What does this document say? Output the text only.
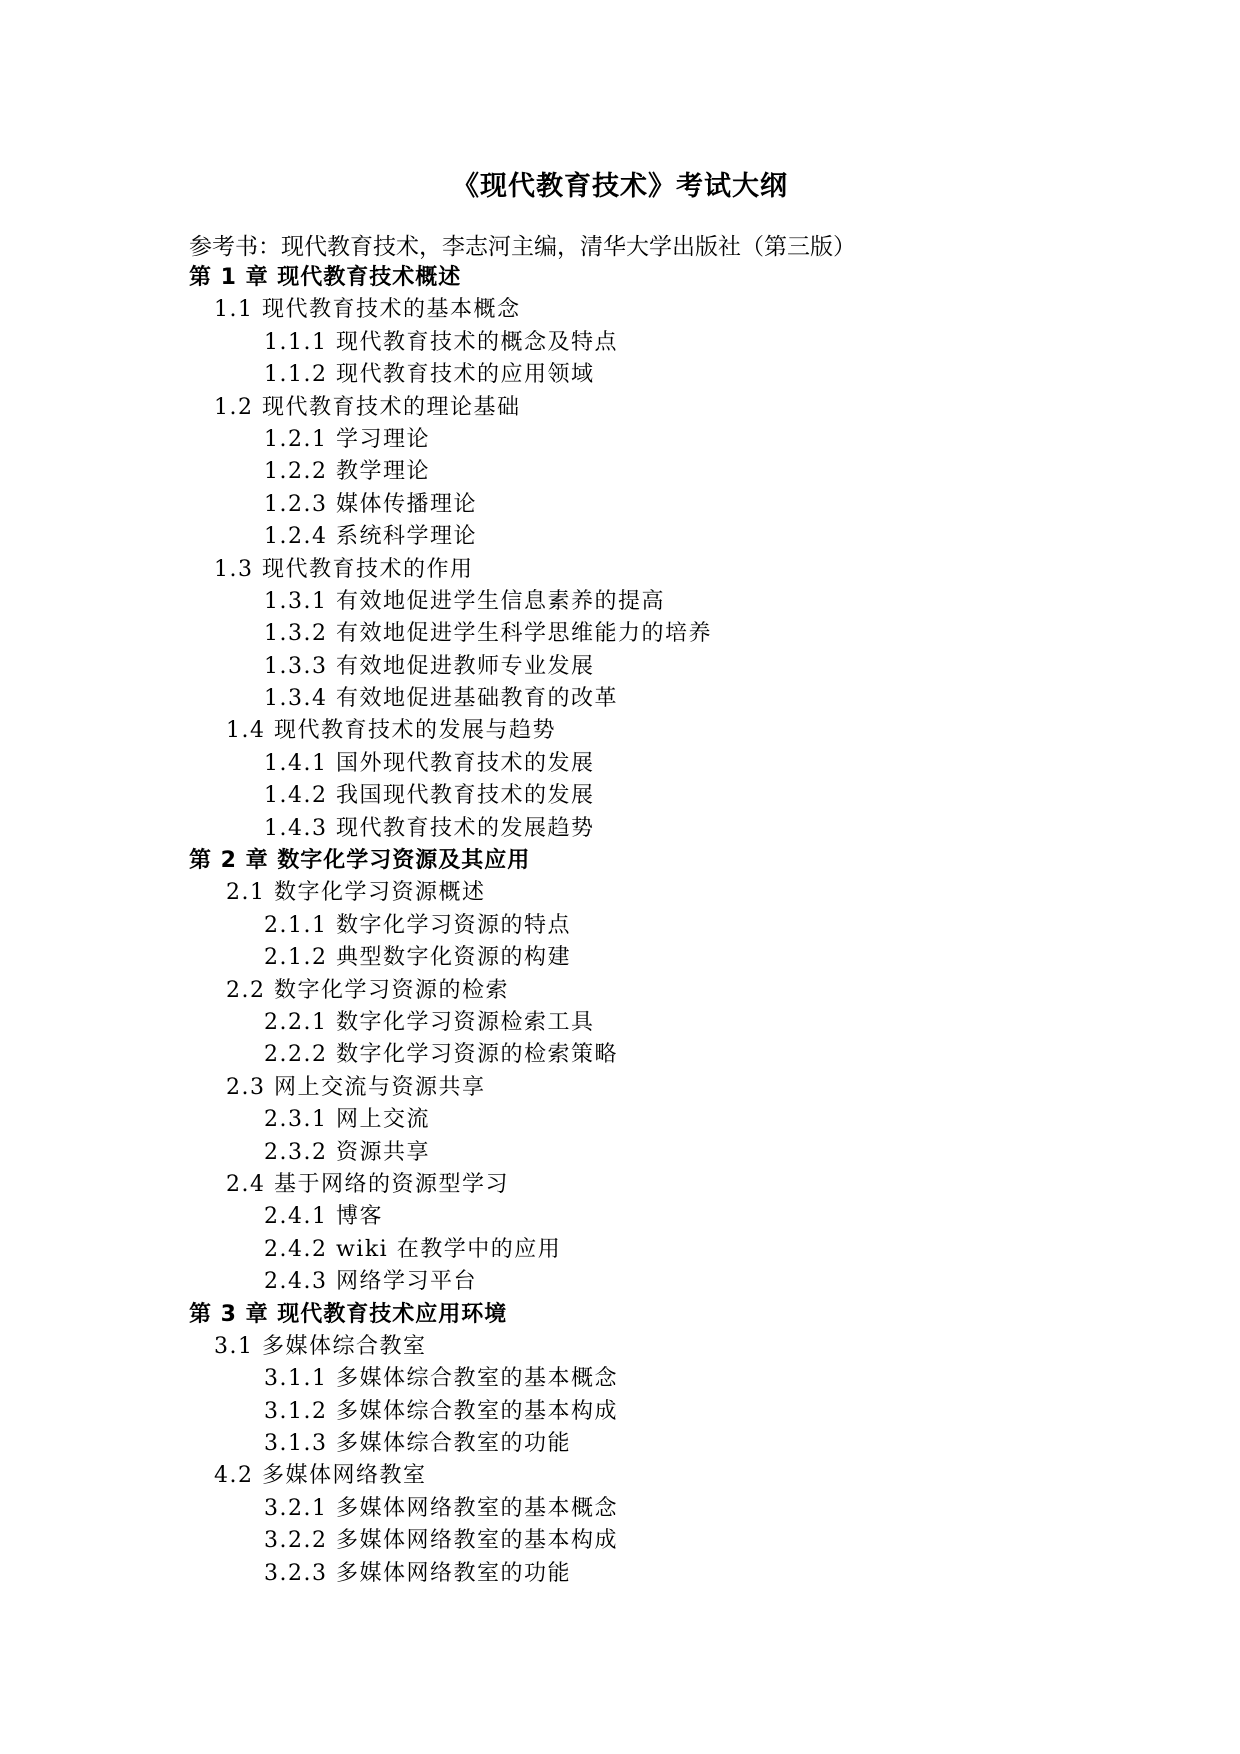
《现代教育技术》考试大纲
参考书：现代教育技术，李志河主编，清华大学出版社（第三版）
第 1 章 现代教育技术概述
1.1 现代教育技术的基本概念
1.1.1 现代教育技术的概念及特点
1.1.2 现代教育技术的应用领域
1.2 现代教育技术的理论基础
1.2.1 学习理论
1.2.2 教学理论
1.2.3 媒体传播理论
1.2.4 系统科学理论
1.3 现代教育技术的作用
1.3.1 有效地促进学生信息素养的提高
1.3.2 有效地促进学生科学思维能力的培养
1.3.3 有效地促进教师专业发展
1.3.4 有效地促进基础教育的改革
1.4 现代教育技术的发展与趋势
1.4.1 国外现代教育技术的发展
1.4.2 我国现代教育技术的发展
1.4.3 现代教育技术的发展趋势
第 2 章 数字化学习资源及其应用
2.1 数字化学习资源概述
2.1.1 数字化学习资源的特点
2.1.2 典型数字化资源的构建
2.2 数字化学习资源的检索
2.2.1 数字化学习资源检索工具
2.2.2 数字化学习资源的检索策略
2.3 网上交流与资源共享
2.3.1 网上交流
2.3.2 资源共享
2.4 基于网络的资源型学习
2.4.1 博客
2.4.2 wiki 在教学中的应用
2.4.3 网络学习平台
第 3 章 现代教育技术应用环境
3.1 多媒体综合教室
3.1.1 多媒体综合教室的基本概念
3.1.2 多媒体综合教室的基本构成
3.1.3 多媒体综合教室的功能
4.2 多媒体网络教室
3.2.1 多媒体网络教室的基本概念
3.2.2 多媒体网络教室的基本构成
3.2.3 多媒体网络教室的功能
